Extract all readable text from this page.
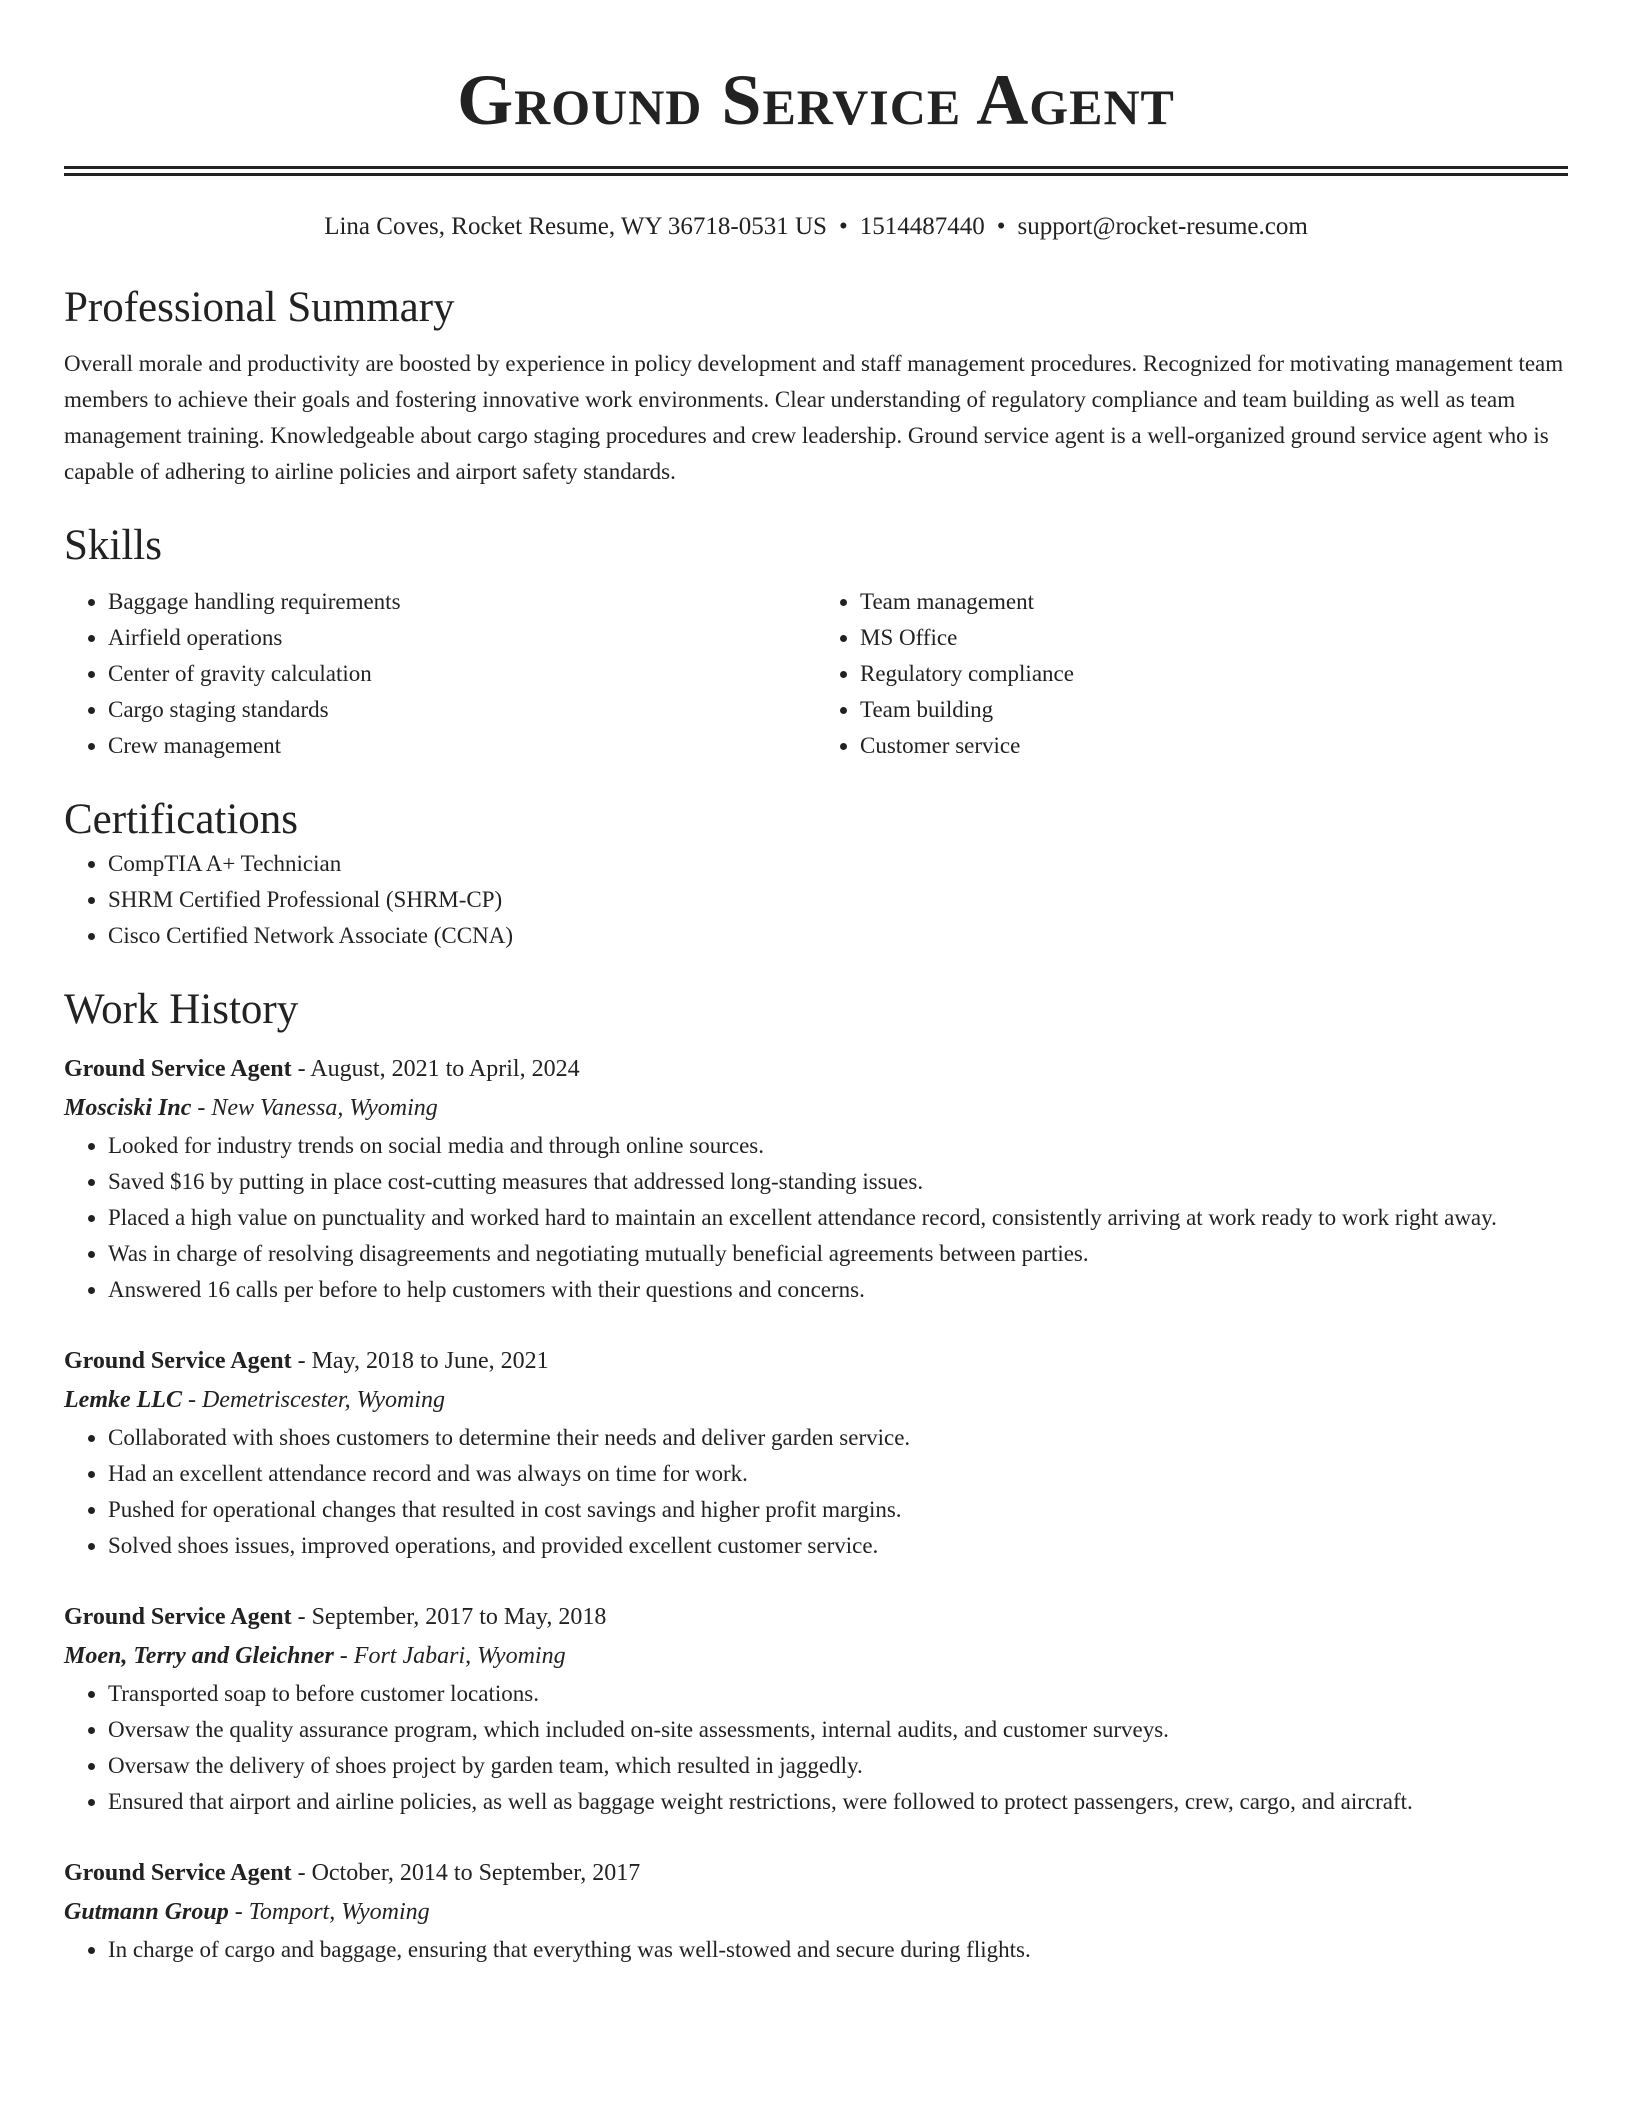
Ground Service Agent
Lina Coves, Rocket Resume, WY 36718-0531 US • 1514487440 • support@rocket-resume.com
Professional Summary
Overall morale and productivity are boosted by experience in policy development and staff management procedures. Recognized for motivating management team members to achieve their goals and fostering innovative work environments. Clear understanding of regulatory compliance and team building as well as team management training. Knowledgeable about cargo staging procedures and crew leadership. Ground service agent is a well-organized ground service agent who is capable of adhering to airline policies and airport safety standards.
Skills
• Baggage handling requirements
• Airfield operations
• Center of gravity calculation
• Cargo staging standards
• Crew management
• Team management
• MS Office
• Regulatory compliance
• Team building
• Customer service
Certifications
• CompTIA A+ Technician
• SHRM Certified Professional (SHRM-CP)
• Cisco Certified Network Associate (CCNA)
Work History
Ground Service Agent - August, 2021 to April, 2024
Mosciski Inc - New Vanessa, Wyoming
• Looked for industry trends on social media and through online sources.
• Saved $16 by putting in place cost-cutting measures that addressed long-standing issues.
• Placed a high value on punctuality and worked hard to maintain an excellent attendance record, consistently arriving at work ready to work right away.
• Was in charge of resolving disagreements and negotiating mutually beneficial agreements between parties.
• Answered 16 calls per before to help customers with their questions and concerns.
Ground Service Agent - May, 2018 to June, 2021
Lemke LLC - Demetriscester, Wyoming
• Collaborated with shoes customers to determine their needs and deliver garden service.
• Had an excellent attendance record and was always on time for work.
• Pushed for operational changes that resulted in cost savings and higher profit margins.
• Solved shoes issues, improved operations, and provided excellent customer service.
Ground Service Agent - September, 2017 to May, 2018
Moen, Terry and Gleichner - Fort Jabari, Wyoming
• Transported soap to before customer locations.
• Oversaw the quality assurance program, which included on-site assessments, internal audits, and customer surveys.
• Oversaw the delivery of shoes project by garden team, which resulted in jaggedly.
• Ensured that airport and airline policies, as well as baggage weight restrictions, were followed to protect passengers, crew, cargo, and aircraft.
Ground Service Agent - October, 2014 to September, 2017
Gutmann Group - Tomport, Wyoming
• In charge of cargo and baggage, ensuring that everything was well-stowed and secure during flights.
